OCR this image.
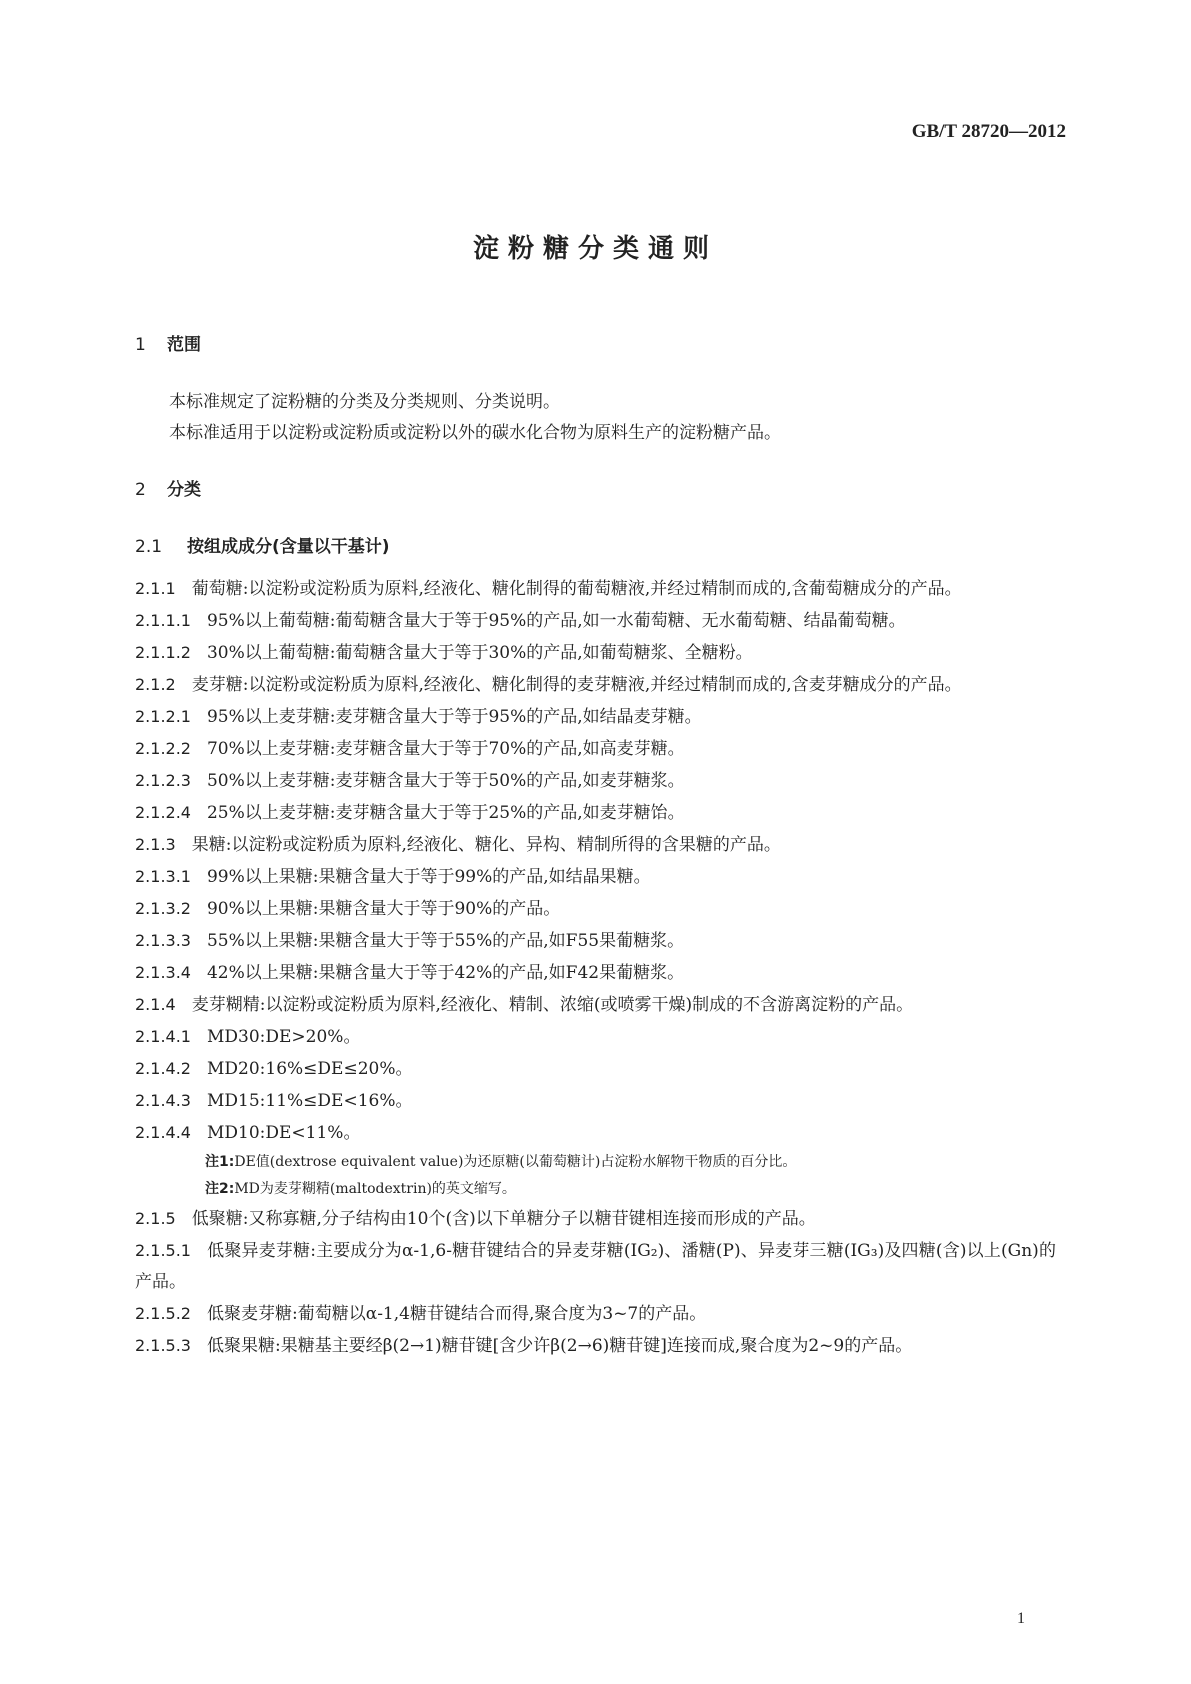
GB/T 28720—2012
淀粉糖分类通则
1 范围
本标准规定了淀粉糖的分类及分类规则、分类说明。
本标准适用于以淀粉或淀粉质或淀粉以外的碳水化合物为原料生产的淀粉糖产品。
2 分类
2.1 按组成成分(含量以干基计)
2.1.1 葡萄糖:以淀粉或淀粉质为原料,经液化、糖化制得的葡萄糖液,并经过精制而成的,含葡萄糖成分的产品。
2.1.1.1 95%以上葡萄糖:葡萄糖含量大于等于95%的产品,如一水葡萄糖、无水葡萄糖、结晶葡萄糖。
2.1.1.2 30%以上葡萄糖:葡萄糖含量大于等于30%的产品,如葡萄糖浆、全糖粉。
2.1.2 麦芽糖:以淀粉或淀粉质为原料,经液化、糖化制得的麦芽糖液,并经过精制而成的,含麦芽糖成分的产品。
2.1.2.1 95%以上麦芽糖:麦芽糖含量大于等于95%的产品,如结晶麦芽糖。
2.1.2.2 70%以上麦芽糖:麦芽糖含量大于等于70%的产品,如高麦芽糖。
2.1.2.3 50%以上麦芽糖:麦芽糖含量大于等于50%的产品,如麦芽糖浆。
2.1.2.4 25%以上麦芽糖:麦芽糖含量大于等于25%的产品,如麦芽糖饴。
2.1.3 果糖:以淀粉或淀粉质为原料,经液化、糖化、异构、精制所得的含果糖的产品。
2.1.3.1 99%以上果糖:果糖含量大于等于99%的产品,如结晶果糖。
2.1.3.2 90%以上果糖:果糖含量大于等于90%的产品。
2.1.3.3 55%以上果糖:果糖含量大于等于55%的产品,如F55果葡糖浆。
2.1.3.4 42%以上果糖:果糖含量大于等于42%的产品,如F42果葡糖浆。
2.1.4 麦芽糊精:以淀粉或淀粉质为原料,经液化、精制、浓缩(或喷雾干燥)制成的不含游离淀粉的产品。
2.1.4.1 MD30:DE>20%。
2.1.4.2 MD20:16%≤DE≤20%。
2.1.4.3 MD15:11%≤DE<16%。
2.1.4.4 MD10:DE<11%。
注1:DE值(dextrose equivalent value)为还原糖(以葡萄糖计)占淀粉水解物干物质的百分比。
注2:MD为麦芽糊精(maltodextrin)的英文缩写。
2.1.5 低聚糖:又称寡糖,分子结构由10个(含)以下单糖分子以糖苷键相连接而形成的产品。
2.1.5.1 低聚异麦芽糖:主要成分为α-1,6-糖苷键结合的异麦芽糖(IG₂)、潘糖(P)、异麦芽三糖(IG₃)及四糖(含)以上(Gn)的产品。
2.1.5.2 低聚麦芽糖:葡萄糖以α-1,4糖苷键结合而得,聚合度为3~7的产品。
2.1.5.3 低聚果糖:果糖基主要经β(2→1)糖苷键[含少许β(2→6)糖苷键]连接而成,聚合度为2~9的产品。
1
